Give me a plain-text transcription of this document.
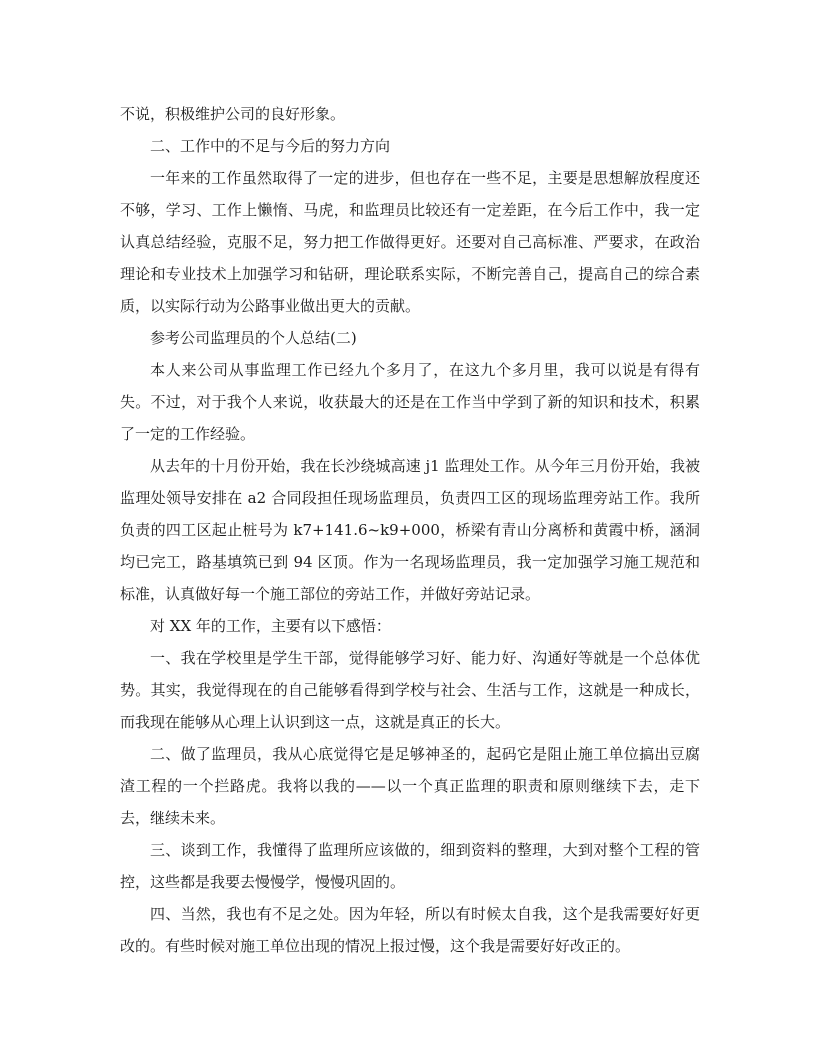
不说，积极维护公司的良好形象。

二、工作中的不足与今后的努力方向

一年来的工作虽然取得了一定的进步，但也存在一些不足，主要是思想解放程度还不够，学习、工作上懒惰、马虎，和监理员比较还有一定差距，在今后工作中，我一定认真总结经验，克服不足，努力把工作做得更好。还要对自己高标准、严要求，在政治理论和专业技术上加强学习和钻研，理论联系实际，不断完善自己，提高自己的综合素质，以实际行动为公路事业做出更大的贡献。

参考公司监理员的个人总结(二)

本人来公司从事监理工作已经九个多月了，在这九个多月里，我可以说是有得有失。不过，对于我个人来说，收获最大的还是在工作当中学到了新的知识和技术，积累了一定的工作经验。

从去年的十月份开始，我在长沙绕城高速 j1 监理处工作。从今年三月份开始，我被监理处领导安排在 a2 合同段担任现场监理员，负责四工区的现场监理旁站工作。我所负责的四工区起止桩号为 k7+141.6~k9+000，桥梁有青山分离桥和黄霞中桥，涵洞均已完工，路基填筑已到 94 区顶。作为一名现场监理员，我一定加强学习施工规范和标准，认真做好每一个施工部位的旁站工作，并做好旁站记录。

对 XX 年的工作，主要有以下感悟：

一、我在学校里是学生干部，觉得能够学习好、能力好、沟通好等就是一个总体优势。其实，我觉得现在的自己能够看得到学校与社会、生活与工作，这就是一种成长，而我现在能够从心理上认识到这一点，这就是真正的长大。

二、做了监理员，我从心底觉得它是足够神圣的，起码它是阻止施工单位搞出豆腐渣工程的一个拦路虎。我将以我的——以一个真正监理的职责和原则继续下去，走下去，继续未来。

三、谈到工作，我懂得了监理所应该做的，细到资料的整理，大到对整个工程的管控，这些都是我要去慢慢学，慢慢巩固的。

四、当然，我也有不足之处。因为年轻，所以有时候太自我，这个是我需要好好更改的。有些时候对施工单位出现的情况上报过慢，这个我是需要好好改正的。
